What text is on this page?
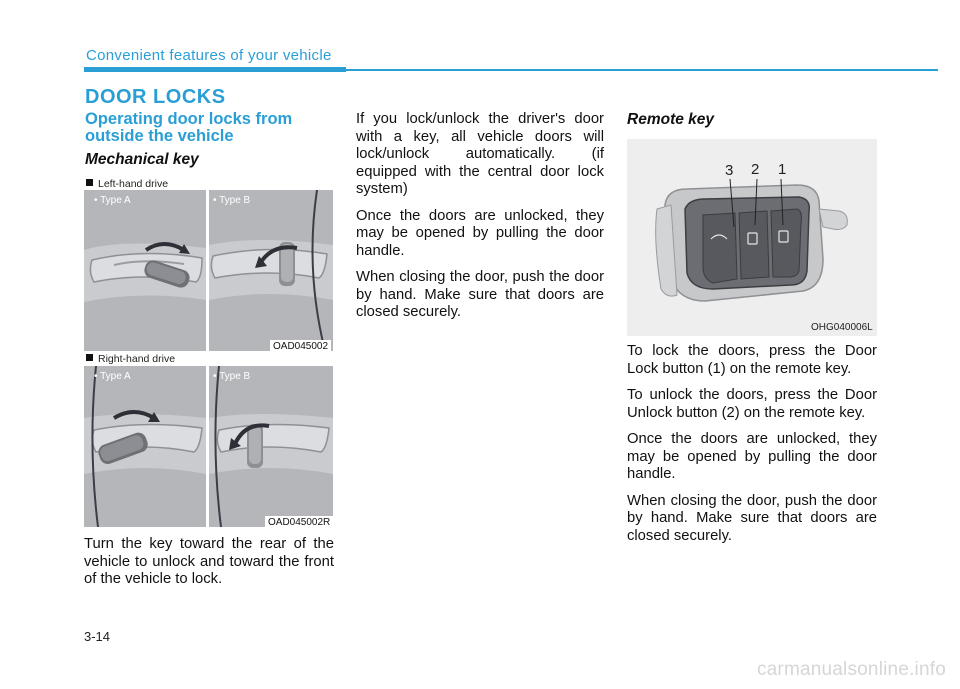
Convenient features of your vehicle
DOOR LOCKS
Operating door locks from outside the vehicle
Mechanical key
Left-hand drive
• Type A	• Type B
OAD045002
Right-hand drive
• Type A	• Type B
OAD045002R
Turn the key toward the rear of the vehicle to unlock and toward the front of the vehicle to lock.

If you lock/unlock the driver's door with a key, all vehicle doors will lock/unlock automatically. (if equipped with the central door lock system)

Once the doors are unlocked, they may be opened by pulling the door handle.

When closing the door, push the door by hand. Make sure that doors are closed securely.

Remote key
3 2 1
OHG040006L

To lock the doors, press the Door Lock button (1) on the remote key.

To unlock the doors, press the Door Unlock button (2) on the remote key.

Once the doors are unlocked, they may be opened by pulling the door handle.

When closing the door, push the door by hand. Make sure that doors are closed securely.

3-14
carmanualsonline.info
